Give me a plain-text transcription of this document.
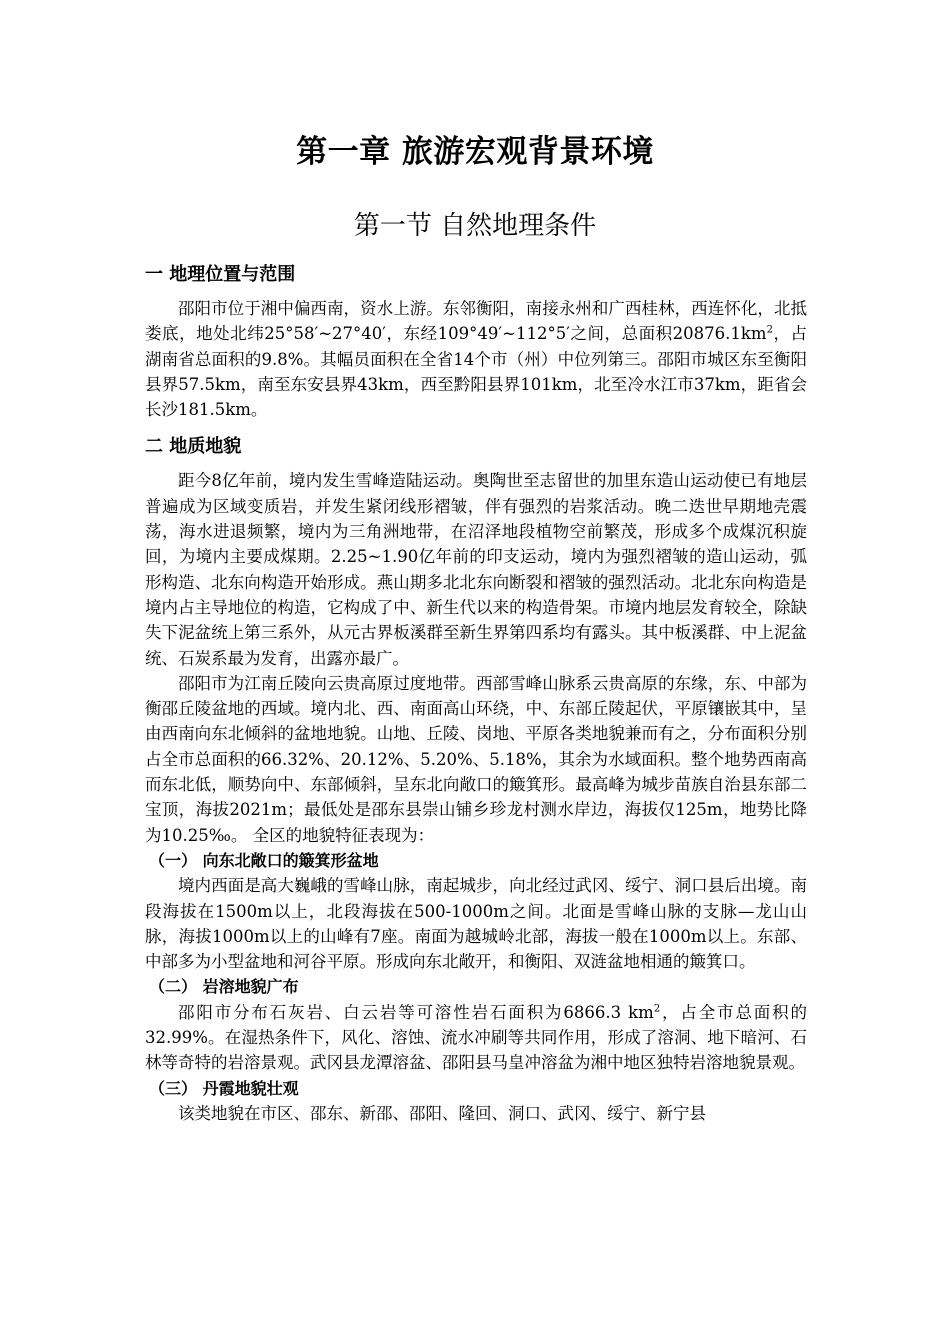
第一章 旅游宏观背景环境
第一节 自然地理条件
一 地理位置与范围

邵阳市位于湘中偏西南，资水上游。东邻衡阳，南接永州和广西桂林，西连怀化，北抵娄底，地处北纬25°58′~27°40′，东经109°49′~112°5′之间，总面积$20876.1km^2$，占湖南省总面积的9.8%。其幅员面积在全省14个市（州）中位列第三。邵阳市城区东至衡阳县界57.5km，南至东安县界43km，西至黔阳县界101km，北至冷水江市37km，距省会长沙181.5km。

二 地质地貌

距今8亿年前，境内发生雪峰造陆运动。奥陶世至志留世的加里东造山运动使已有地层普遍成为区域变质岩，并发生紧闭线形褶皱，伴有强烈的岩浆活动。晚二迭世早期地壳震荡，海水进退频繁，境内为三角洲地带，在沼泽地段植物空前繁茂，形成多个成煤沉积旋回，为境内主要成煤期。2.25~1.90亿年前的印支运动，境内为强烈褶皱的造山运动，弧形构造、北东向构造开始形成。燕山期多北北东向断裂和褶皱的强烈活动。北北东向构造是境内占主导地位的构造，它构成了中、新生代以来的构造骨架。市境内地层发育较全，除缺失下泥盆统上第三系外，从元古界板溪群至新生界第四系均有露头。其中板溪群、中上泥盆统、石炭系最为发育，出露亦最广。

邵阳市为江南丘陵向云贵高原过度地带。西部雪峰山脉系云贵高原的东缘，东、中部为衡邵丘陵盆地的西域。境内北、西、南面高山环绕，中、东部丘陵起伏，平原镶嵌其中，呈由西南向东北倾斜的盆地地貌。山地、丘陵、岗地、平原各类地貌兼而有之，分布面积分别占全市总面积的66.32%、20.12%、5.20%、5.18%，其余为水域面积。整个地势西南高而东北低，顺势向中、东部倾斜，呈东北向敞口的簸箕形。最高峰为城步苗族自治县东部二宝顶，海拔2021m；最低处是邵东县崇山铺乡珍龙村测水岸边，海拔仅125m，地势比降为10.25‰。 全区的地貌特征表现为：

（一） 向东北敞口的簸箕形盆地

境内西面是高大巍峨的雪峰山脉，南起城步，向北经过武冈、绥宁、洞口县后出境。南段海拔在1500m以上，北段海拔在500-1000m之间。北面是雪峰山脉的支脉—龙山山脉，海拔1000m以上的山峰有7座。南面为越城岭北部，海拔一般在1000m以上。东部、中部多为小型盆地和河谷平原。形成向东北敞开，和衡阳、双涟盆地相通的簸箕口。

（二） 岩溶地貌广布

邵阳市分布石灰岩、白云岩等可溶性岩石面积为6866.3 $km^2$，占全市总面积的32.99%。在湿热条件下，风化、溶蚀、流水冲刷等共同作用，形成了溶洞、地下暗河、石林等奇特的岩溶景观。武冈县龙潭溶盆、邵阳县马皇冲溶盆为湘中地区独特岩溶地貌景观。

（三） 丹霞地貌壮观

该类地貌在市区、邵东、新邵、邵阳、隆回、洞口、武冈、绥宁、新宁县
